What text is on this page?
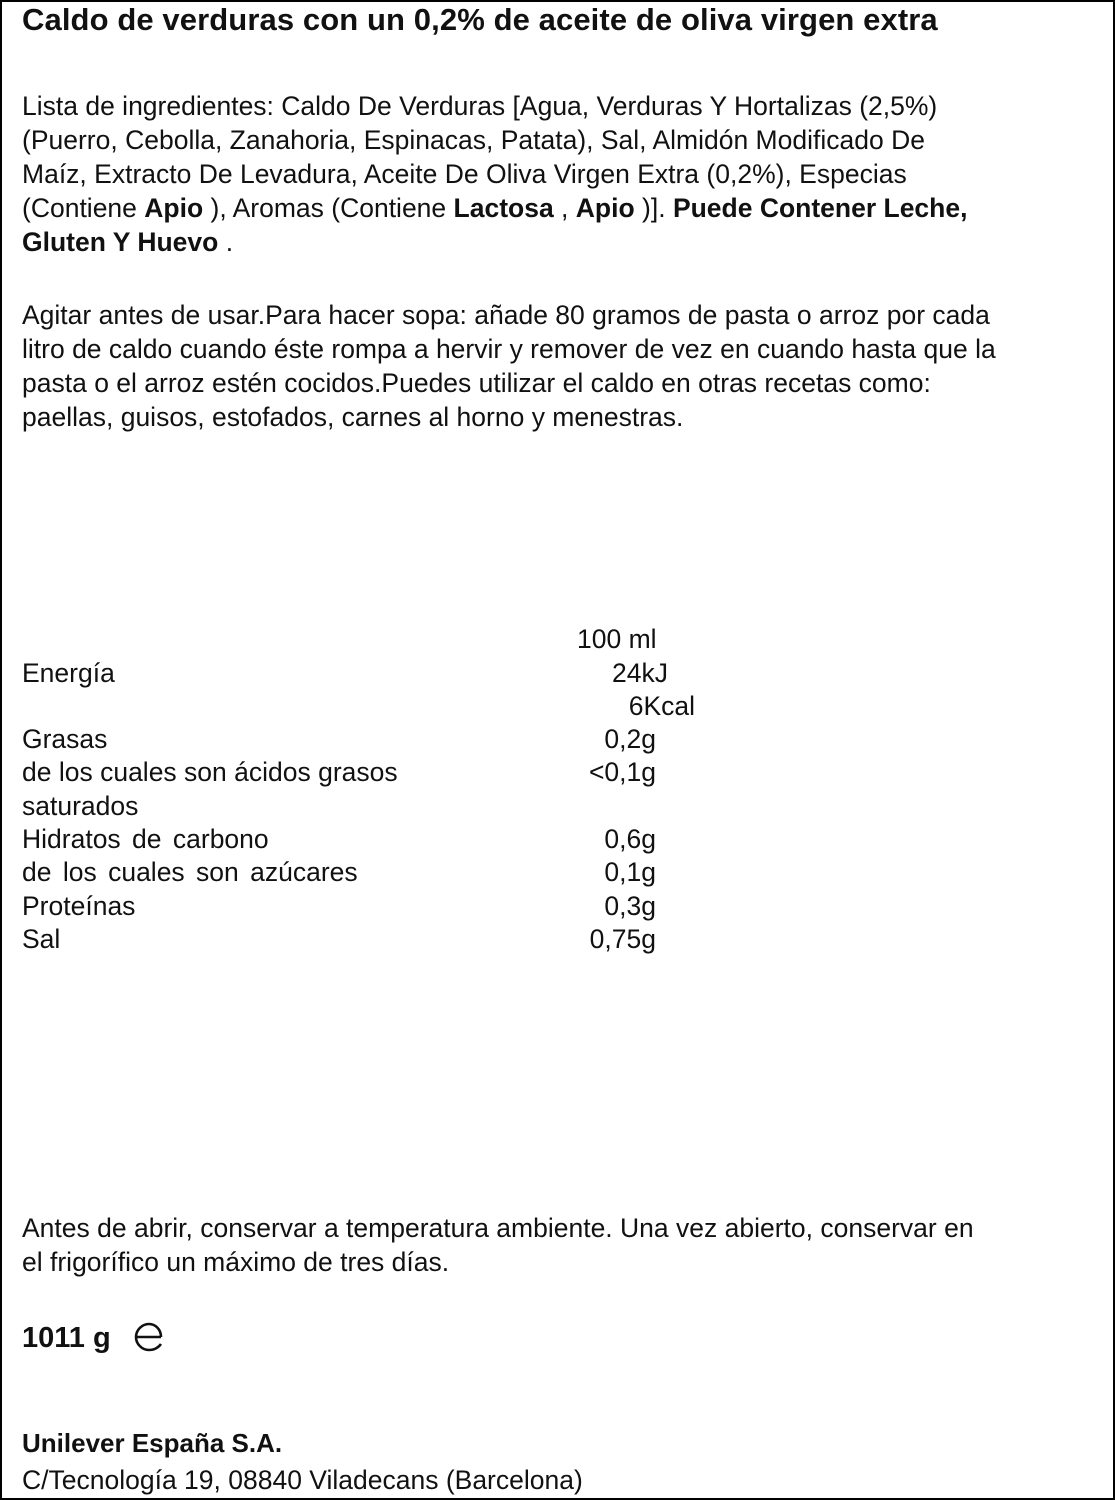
Caldo de verduras con un 0,2% de aceite de oliva virgen extra
Lista de ingredientes: Caldo De Verduras [Agua, Verduras Y Hortalizas (2,5%)
(Puerro, Cebolla, Zanahoria, Espinacas, Patata), Sal, Almidón Modificado De
Maíz, Extracto De Levadura, Aceite De Oliva Virgen Extra (0,2%), Especias
(Contiene Apio ), Aromas (Contiene Lactosa , Apio )]. Puede Contener Leche,
Gluten Y Huevo .
Agitar antes de usar.Para hacer sopa: añade 80 gramos de pasta o arroz por cada
litro de caldo cuando éste rompa a hervir y remover de vez en cuando hasta que la
pasta o el arroz estén cocidos.Puedes utilizar el caldo en otras recetas como:
paellas, guisos, estofados, carnes al horno y menestras.
100 ml
Energía	24kJ
6Kcal
Grasas	0,2g
de los cuales son ácidos grasos	<0,1g
saturados
Hidratos de carbono	0,6g
de los cuales son azúcares	0,1g
Proteínas	0,3g
Sal	0,75g
Antes de abrir, conservar a temperatura ambiente. Una vez abierto, conservar en
el frigorífico un máximo de tres días.
1011 g
Unilever España S.A.
C/Tecnología 19, 08840 Viladecans (Barcelona)
